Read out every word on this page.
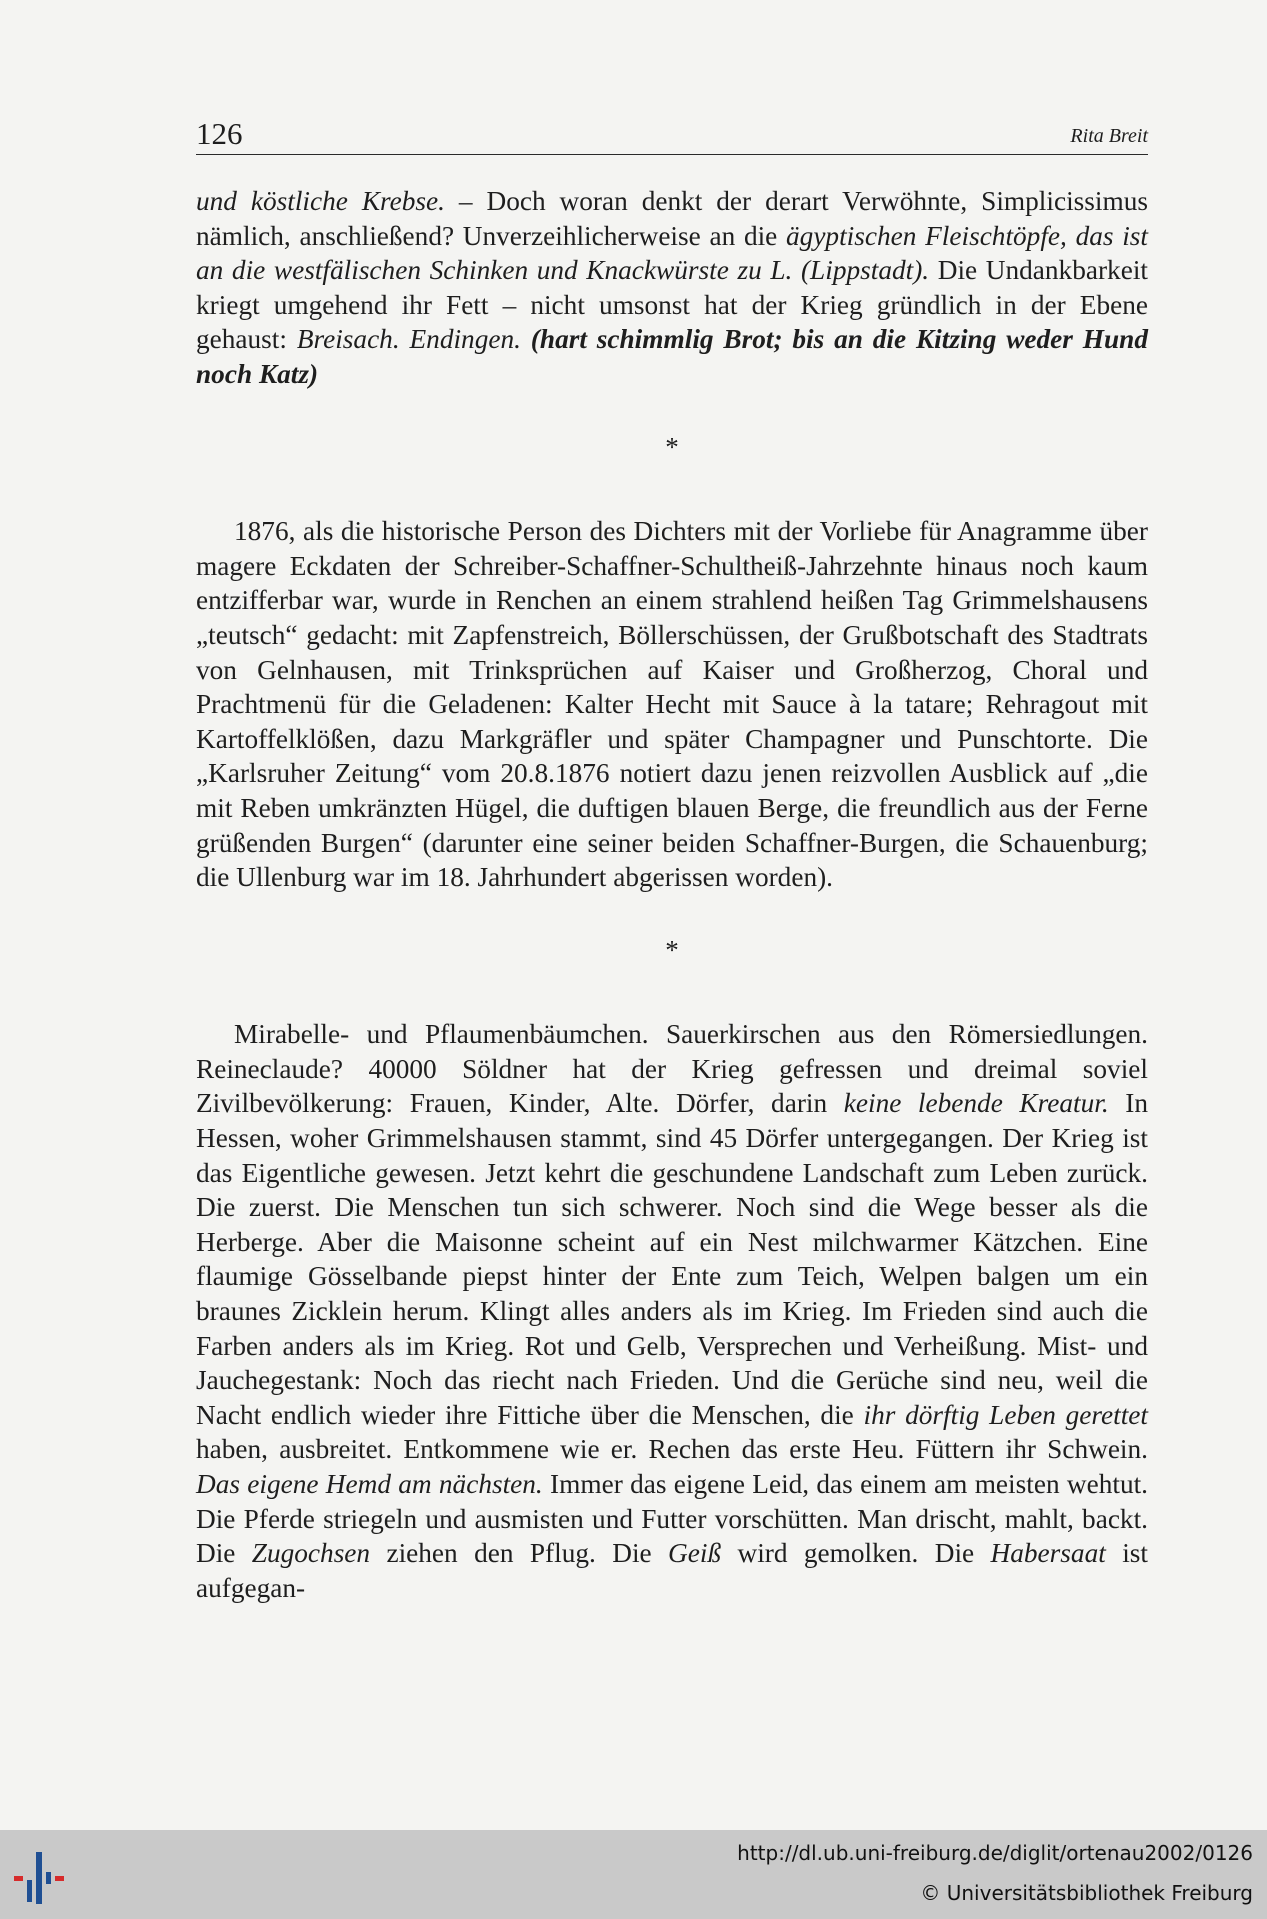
126	Rita Breit

und köstliche Krebse. – Doch woran denkt der derart Verwöhnte, Simplicissimus nämlich, anschließend? Unverzeihlicherweise an die ägyptischen Fleischtöpfe, das ist an die westfälischen Schinken und Knackwürste zu L. (Lippstadt). Die Undankbarkeit kriegt umgehend ihr Fett – nicht umsonst hat der Krieg gründlich in der Ebene gehaust: Breisach. Endingen. (hart schimmlig Brot; bis an die Kitzing weder Hund noch Katz)

*

1876, als die historische Person des Dichters mit der Vorliebe für Anagramme über magere Eckdaten der Schreiber-Schaffner-Schultheiß-Jahrzehnte hinaus noch kaum entzifferbar war, wurde in Renchen an einem strahlend heißen Tag Grimmelshausens „teutsch“ gedacht: mit Zapfenstreich, Böllerschüssen, der Grußbotschaft des Stadtrats von Gelnhausen, mit Trinksprüchen auf Kaiser und Großherzog, Choral und Prachtmenü für die Geladenen: Kalter Hecht mit Sauce à la tatare; Rehragout mit Kartoffelklößen, dazu Markgräfler und später Champagner und Punschtorte. Die „Karlsruher Zeitung“ vom 20.8.1876 notiert dazu jenen reizvollen Ausblick auf „die mit Reben umkränzten Hügel, die duftigen blauen Berge, die freundlich aus der Ferne grüßenden Burgen“ (darunter eine seiner beiden Schaffner-Burgen, die Schauenburg; die Ullenburg war im 18. Jahrhundert abgerissen worden).

*

Mirabelle- und Pflaumenbäumchen. Sauerkirschen aus den Römersiedlungen. Reineclaude? 40000 Söldner hat der Krieg gefressen und dreimal soviel Zivilbevölkerung: Frauen, Kinder, Alte. Dörfer, darin keine lebende Kreatur. In Hessen, woher Grimmelshausen stammt, sind 45 Dörfer untergegangen. Der Krieg ist das Eigentliche gewesen. Jetzt kehrt die geschundene Landschaft zum Leben zurück. Die zuerst. Die Menschen tun sich schwerer. Noch sind die Wege besser als die Herberge. Aber die Maisonne scheint auf ein Nest milchwarmer Kätzchen. Eine flaumige Gösselbande piepst hinter der Ente zum Teich, Welpen balgen um ein braunes Zicklein herum. Klingt alles anders als im Krieg. Im Frieden sind auch die Farben anders als im Krieg. Rot und Gelb, Versprechen und Verheißung. Mist- und Jauchegestank: Noch das riecht nach Frieden. Und die Gerüche sind neu, weil die Nacht endlich wieder ihre Fittiche über die Menschen, die ihr dörftig Leben gerettet haben, ausbreitet. Entkommene wie er. Rechen das erste Heu. Füttern ihr Schwein. Das eigene Hemd am nächsten. Immer das eigene Leid, das einem am meisten wehtut. Die Pferde striegeln und ausmisten und Futter vorschütten. Man drischt, mahlt, backt. Die Zugochsen ziehen den Pflug. Die Geiß wird gemolken. Die Habersaat ist aufgegan-

http://dl.ub.uni-freiburg.de/diglit/ortenau2002/0126
© Universitätsbibliothek Freiburg
